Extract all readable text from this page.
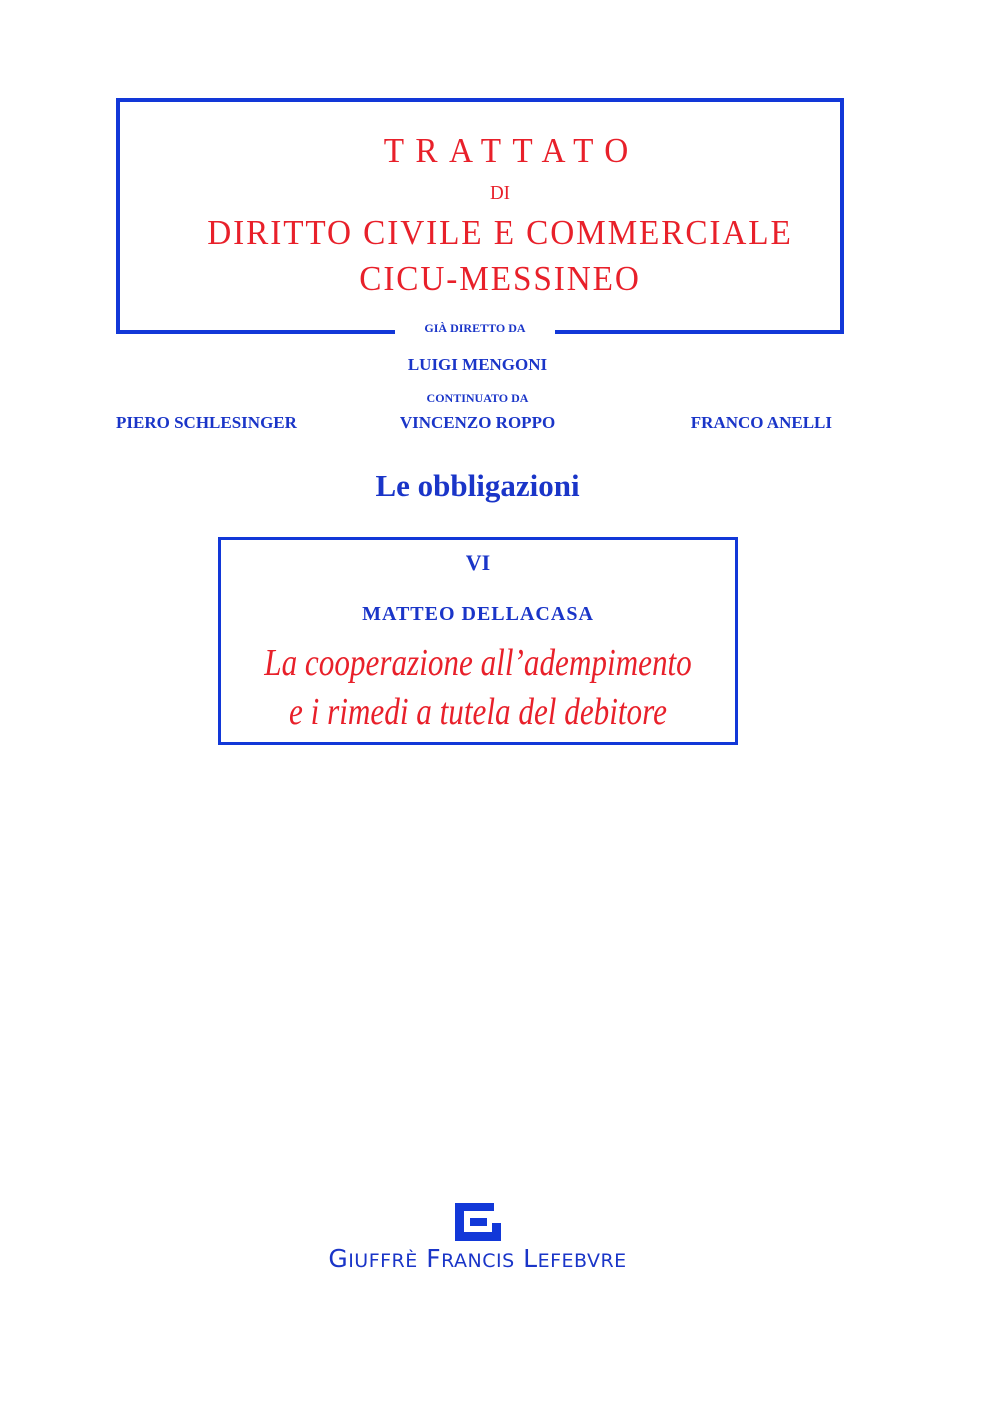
TRATTATO
DI
DIRITTO CIVILE E COMMERCIALE
CICU-MESSINEO
GIÀ DIRETTO DA
LUIGI MENGONI
CONTINUATO DA
PIERO SCHLESINGER	VINCENZO ROPPO	FRANCO ANELLI
Le obbligazioni
VI
MATTEO DELLACASA
La cooperazione all’adempimento
e i rimedi a tutela del debitore
GIUFFRÈ FRANCIS LEFEBVRE
